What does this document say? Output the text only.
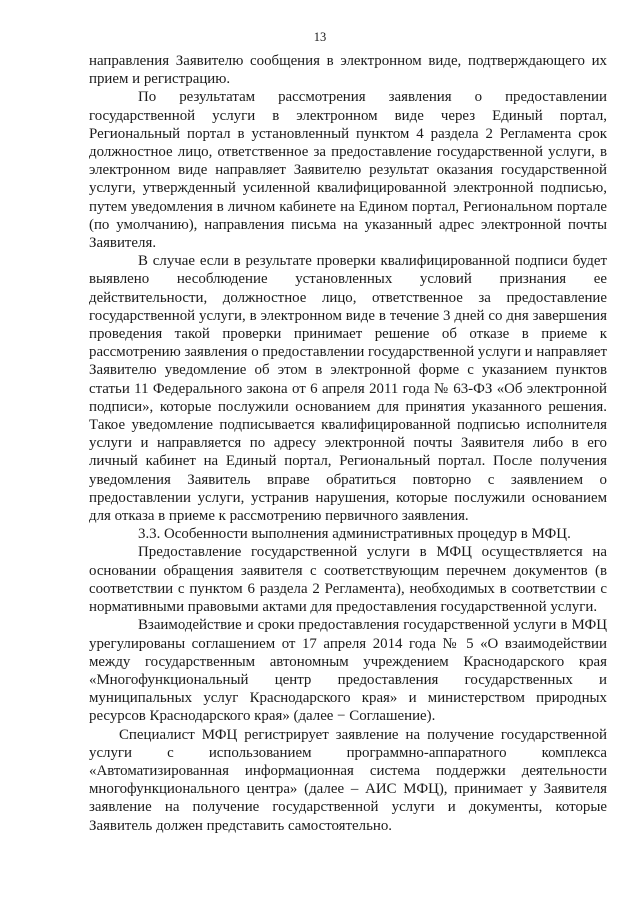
13

направления Заявителю сообщения в электронном виде, подтверждающего их прием и регистрацию.

По результатам рассмотрения заявления о предоставлении государственной услуги в электронном виде через Единый портал, Региональный портал в установленный пунктом 4 раздела 2 Регламента срок должностное лицо, ответственное за предоставление государственной услуги, в электронном виде направляет Заявителю результат оказания государственной услуги, утвержденный усиленной квалифицированной электронной подписью, путем уведомления в личном кабинете на Едином портал, Региональном портале (по умолчанию), направления письма на указанный адрес электронной почты Заявителя.

В случае если в результате проверки квалифицированной подписи будет выявлено несоблюдение установленных условий признания ее действительности, должностное лицо, ответственное за предоставление государственной услуги, в электронном виде в течение 3 дней со дня завершения проведения такой проверки принимает решение об отказе в приеме к рассмотрению заявления о предоставлении государственной услуги и направляет Заявителю уведомление об этом в электронной форме с указанием пунктов статьи 11 Федерального закона от 6 апреля 2011 года № 63-ФЗ «Об электронной подписи», которые послужили основанием для принятия указанного решения. Такое уведомление подписывается квалифицированной подписью исполнителя услуги и направляется по адресу электронной почты Заявителя либо в его личный кабинет на Единый портал, Региональный портал. После получения уведомления Заявитель вправе обратиться повторно с заявлением о предоставлении услуги, устранив нарушения, которые послужили основанием для отказа в приеме к рассмотрению первичного заявления.

3.3. Особенности выполнения административных процедур в МФЦ.

Предоставление государственной услуги в МФЦ осуществляется на основании обращения заявителя с соответствующим перечнем документов (в соответствии с пунктом 6 раздела 2 Регламента), необходимых в соответствии с нормативными правовыми актами для предоставления государственной услуги.

Взаимодействие и сроки предоставления государственной услуги в МФЦ урегулированы соглашением от 17 апреля 2014 года № 5 «О взаимодействии между государственным автономным учреждением Краснодарского края «Многофункциональный центр предоставления государственных и муниципальных услуг Краснодарского края» и министерством природных ресурсов Краснодарского края» (далее − Соглашение).

Специалист МФЦ регистрирует заявление на получение государственной услуги с использованием программно-аппаратного комплекса «Автоматизированная информационная система поддержки деятельности многофункционального центра» (далее – АИС МФЦ), принимает у Заявителя заявление на получение государственной услуги и документы, которые Заявитель должен представить самостоятельно.
